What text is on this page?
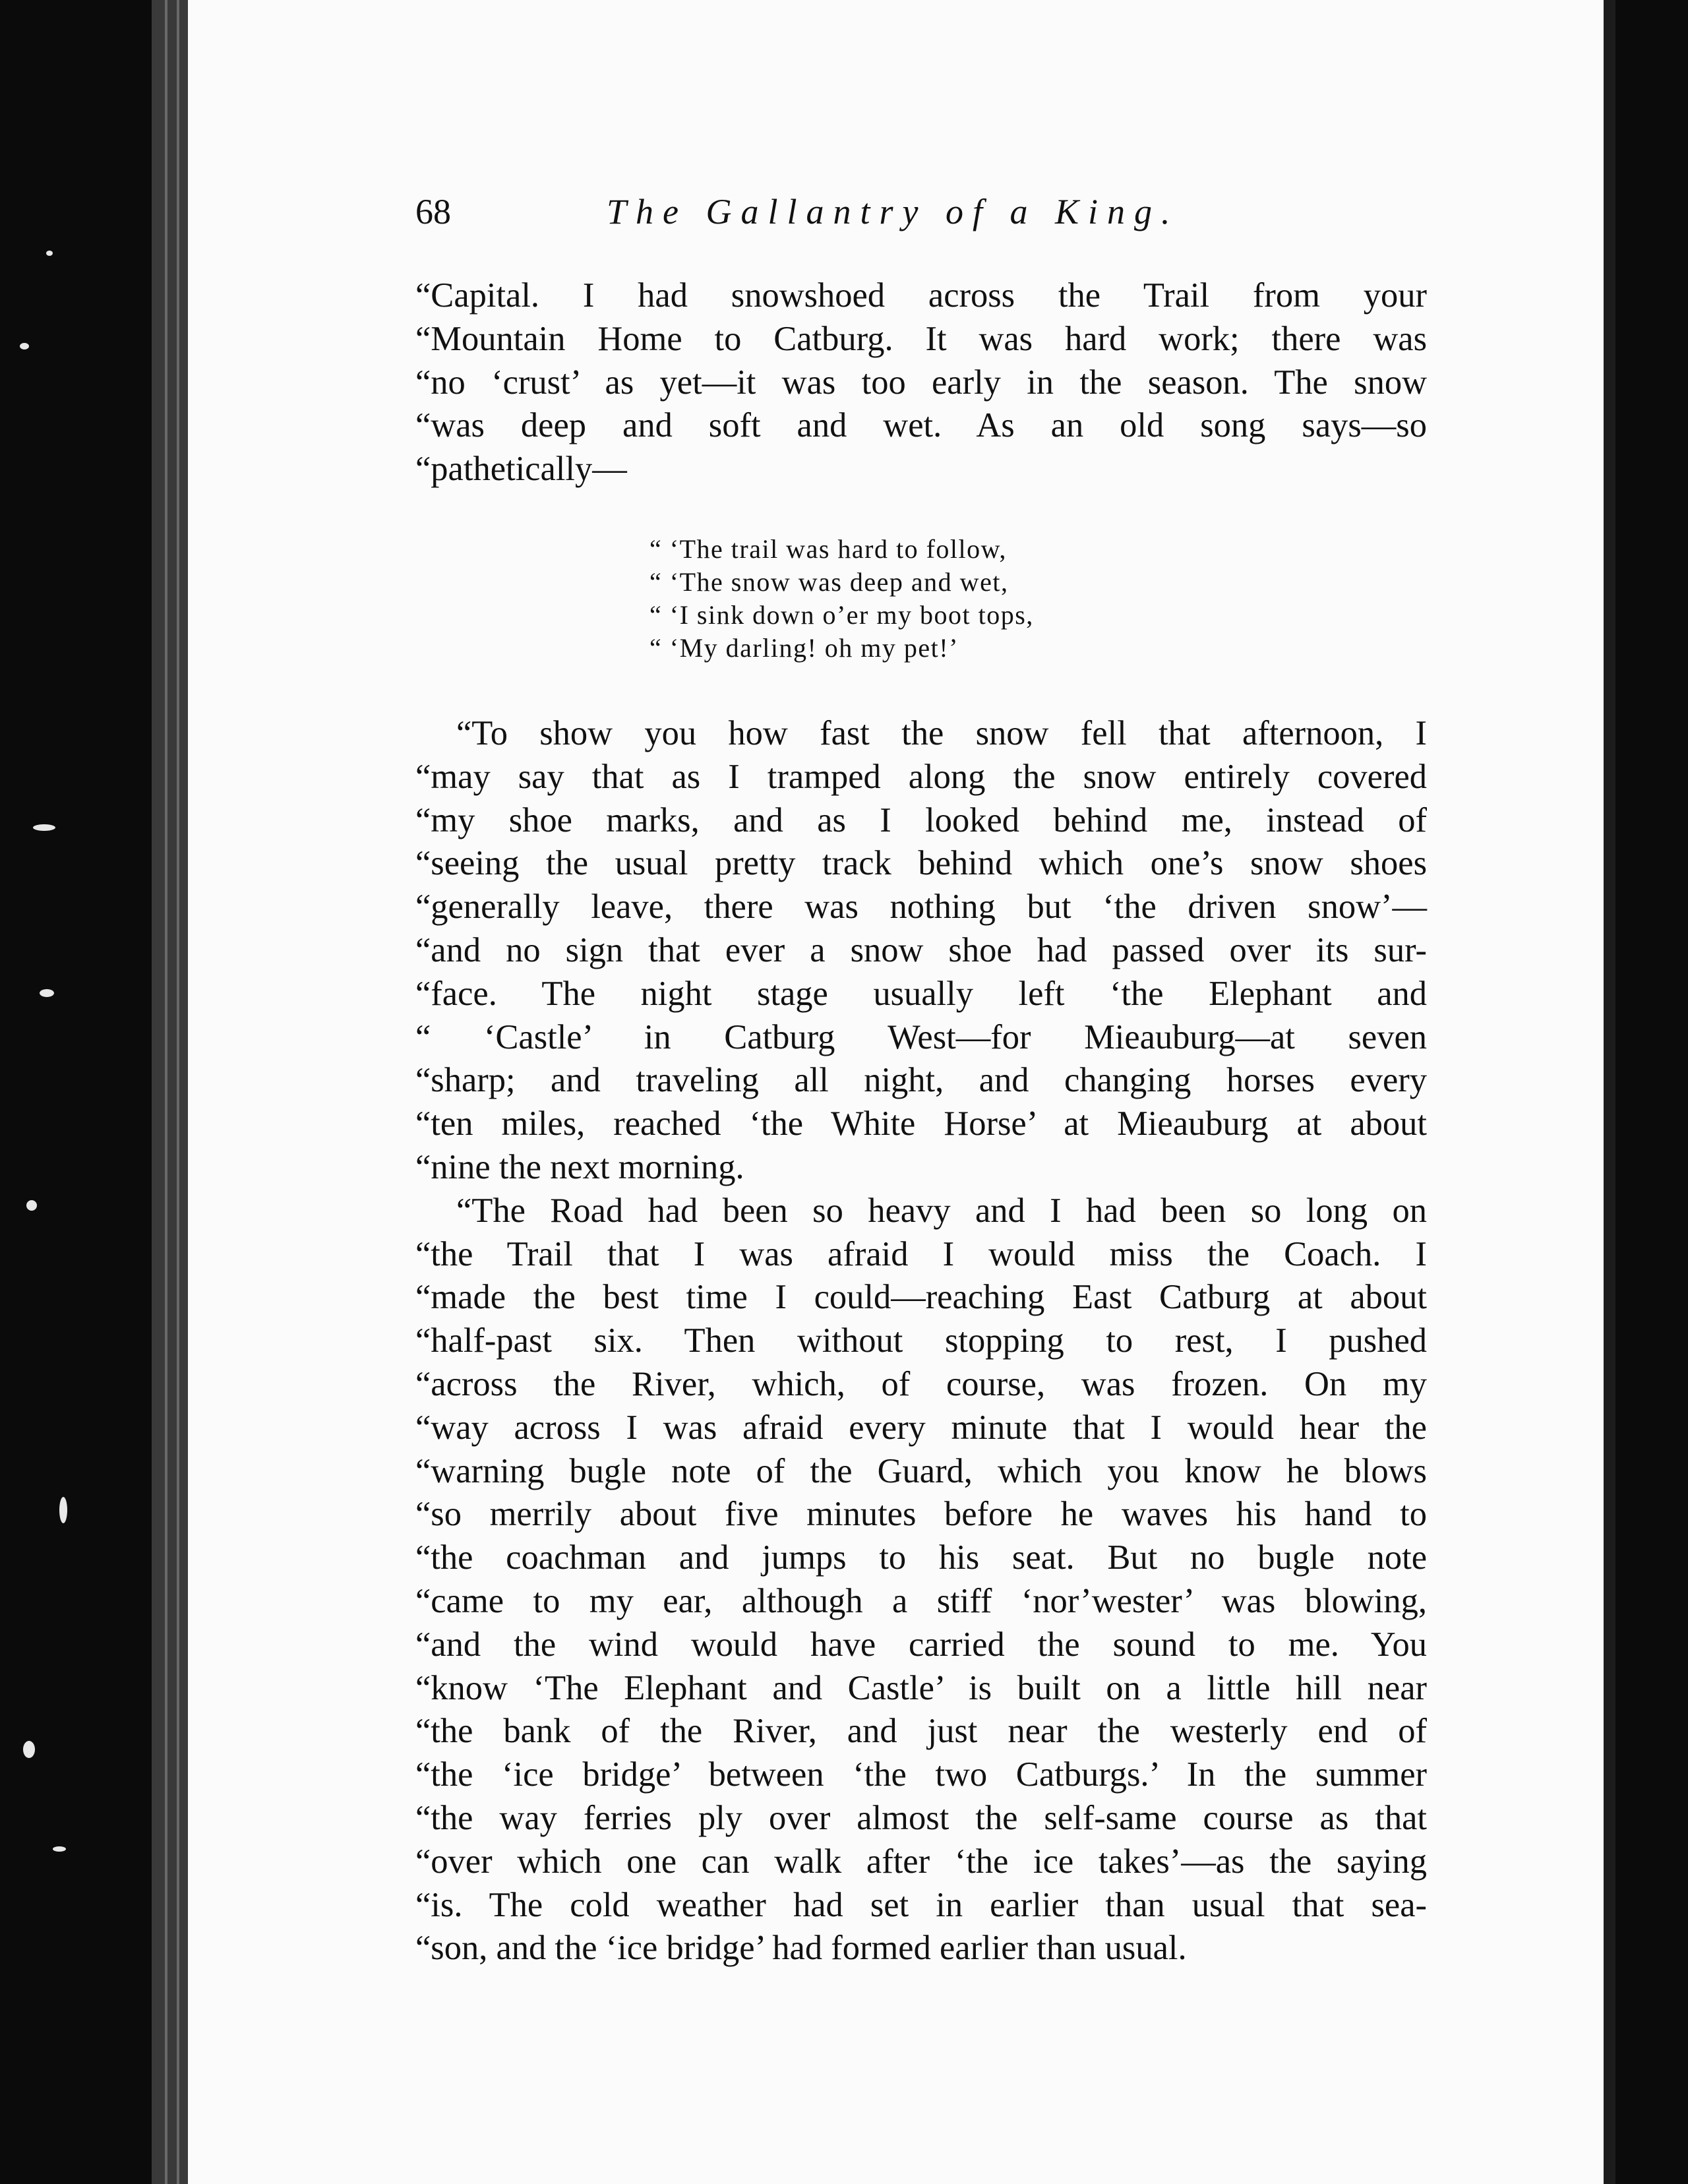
68	The Gallantry of a King.
“Capital. I had snowshoed across the Trail from your
“Mountain Home to Catburg. It was hard work; there was
“no ‘crust’ as yet—it was too early in the season. The snow
“was deep and soft and wet. As an old song says—so
“pathetically—
“ ‘The trail was hard to follow,
“ ‘The snow was deep and wet,
“ ‘I sink down o’er my boot tops,
“ ‘My darling! oh my pet!’
“To show you how fast the snow fell that afternoon, I
“may say that as I tramped along the snow entirely covered
“my shoe marks, and as I looked behind me, instead of
“seeing the usual pretty track behind which one’s snow shoes
“generally leave, there was nothing but ‘the driven snow’—
“and no sign that ever a snow shoe had passed over its sur-
“face. The night stage usually left ‘the Elephant and
“ ‘Castle’ in Catburg West—for Mieauburg—at seven
“sharp; and traveling all night, and changing horses every
“ten miles, reached ‘the White Horse’ at Mieauburg at about
“nine the next morning.
“The Road had been so heavy and I had been so long on
“the Trail that I was afraid I would miss the Coach. I
“made the best time I could—reaching East Catburg at about
“half-past six. Then without stopping to rest, I pushed
“across the River, which, of course, was frozen. On my
“way across I was afraid every minute that I would hear the
“warning bugle note of the Guard, which you know he blows
“so merrily about five minutes before he waves his hand to
“the coachman and jumps to his seat. But no bugle note
“came to my ear, although a stiff ‘nor’wester’ was blowing,
“and the wind would have carried the sound to me. You
“know ‘The Elephant and Castle’ is built on a little hill near
“the bank of the River, and just near the westerly end of
“the ‘ice bridge’ between ‘the two Catburgs.’ In the summer
“the way ferries ply over almost the self-same course as that
“over which one can walk after ‘the ice takes’—as the saying
“is. The cold weather had set in earlier than usual that sea-
“son, and the ‘ice bridge’ had formed earlier than usual.
